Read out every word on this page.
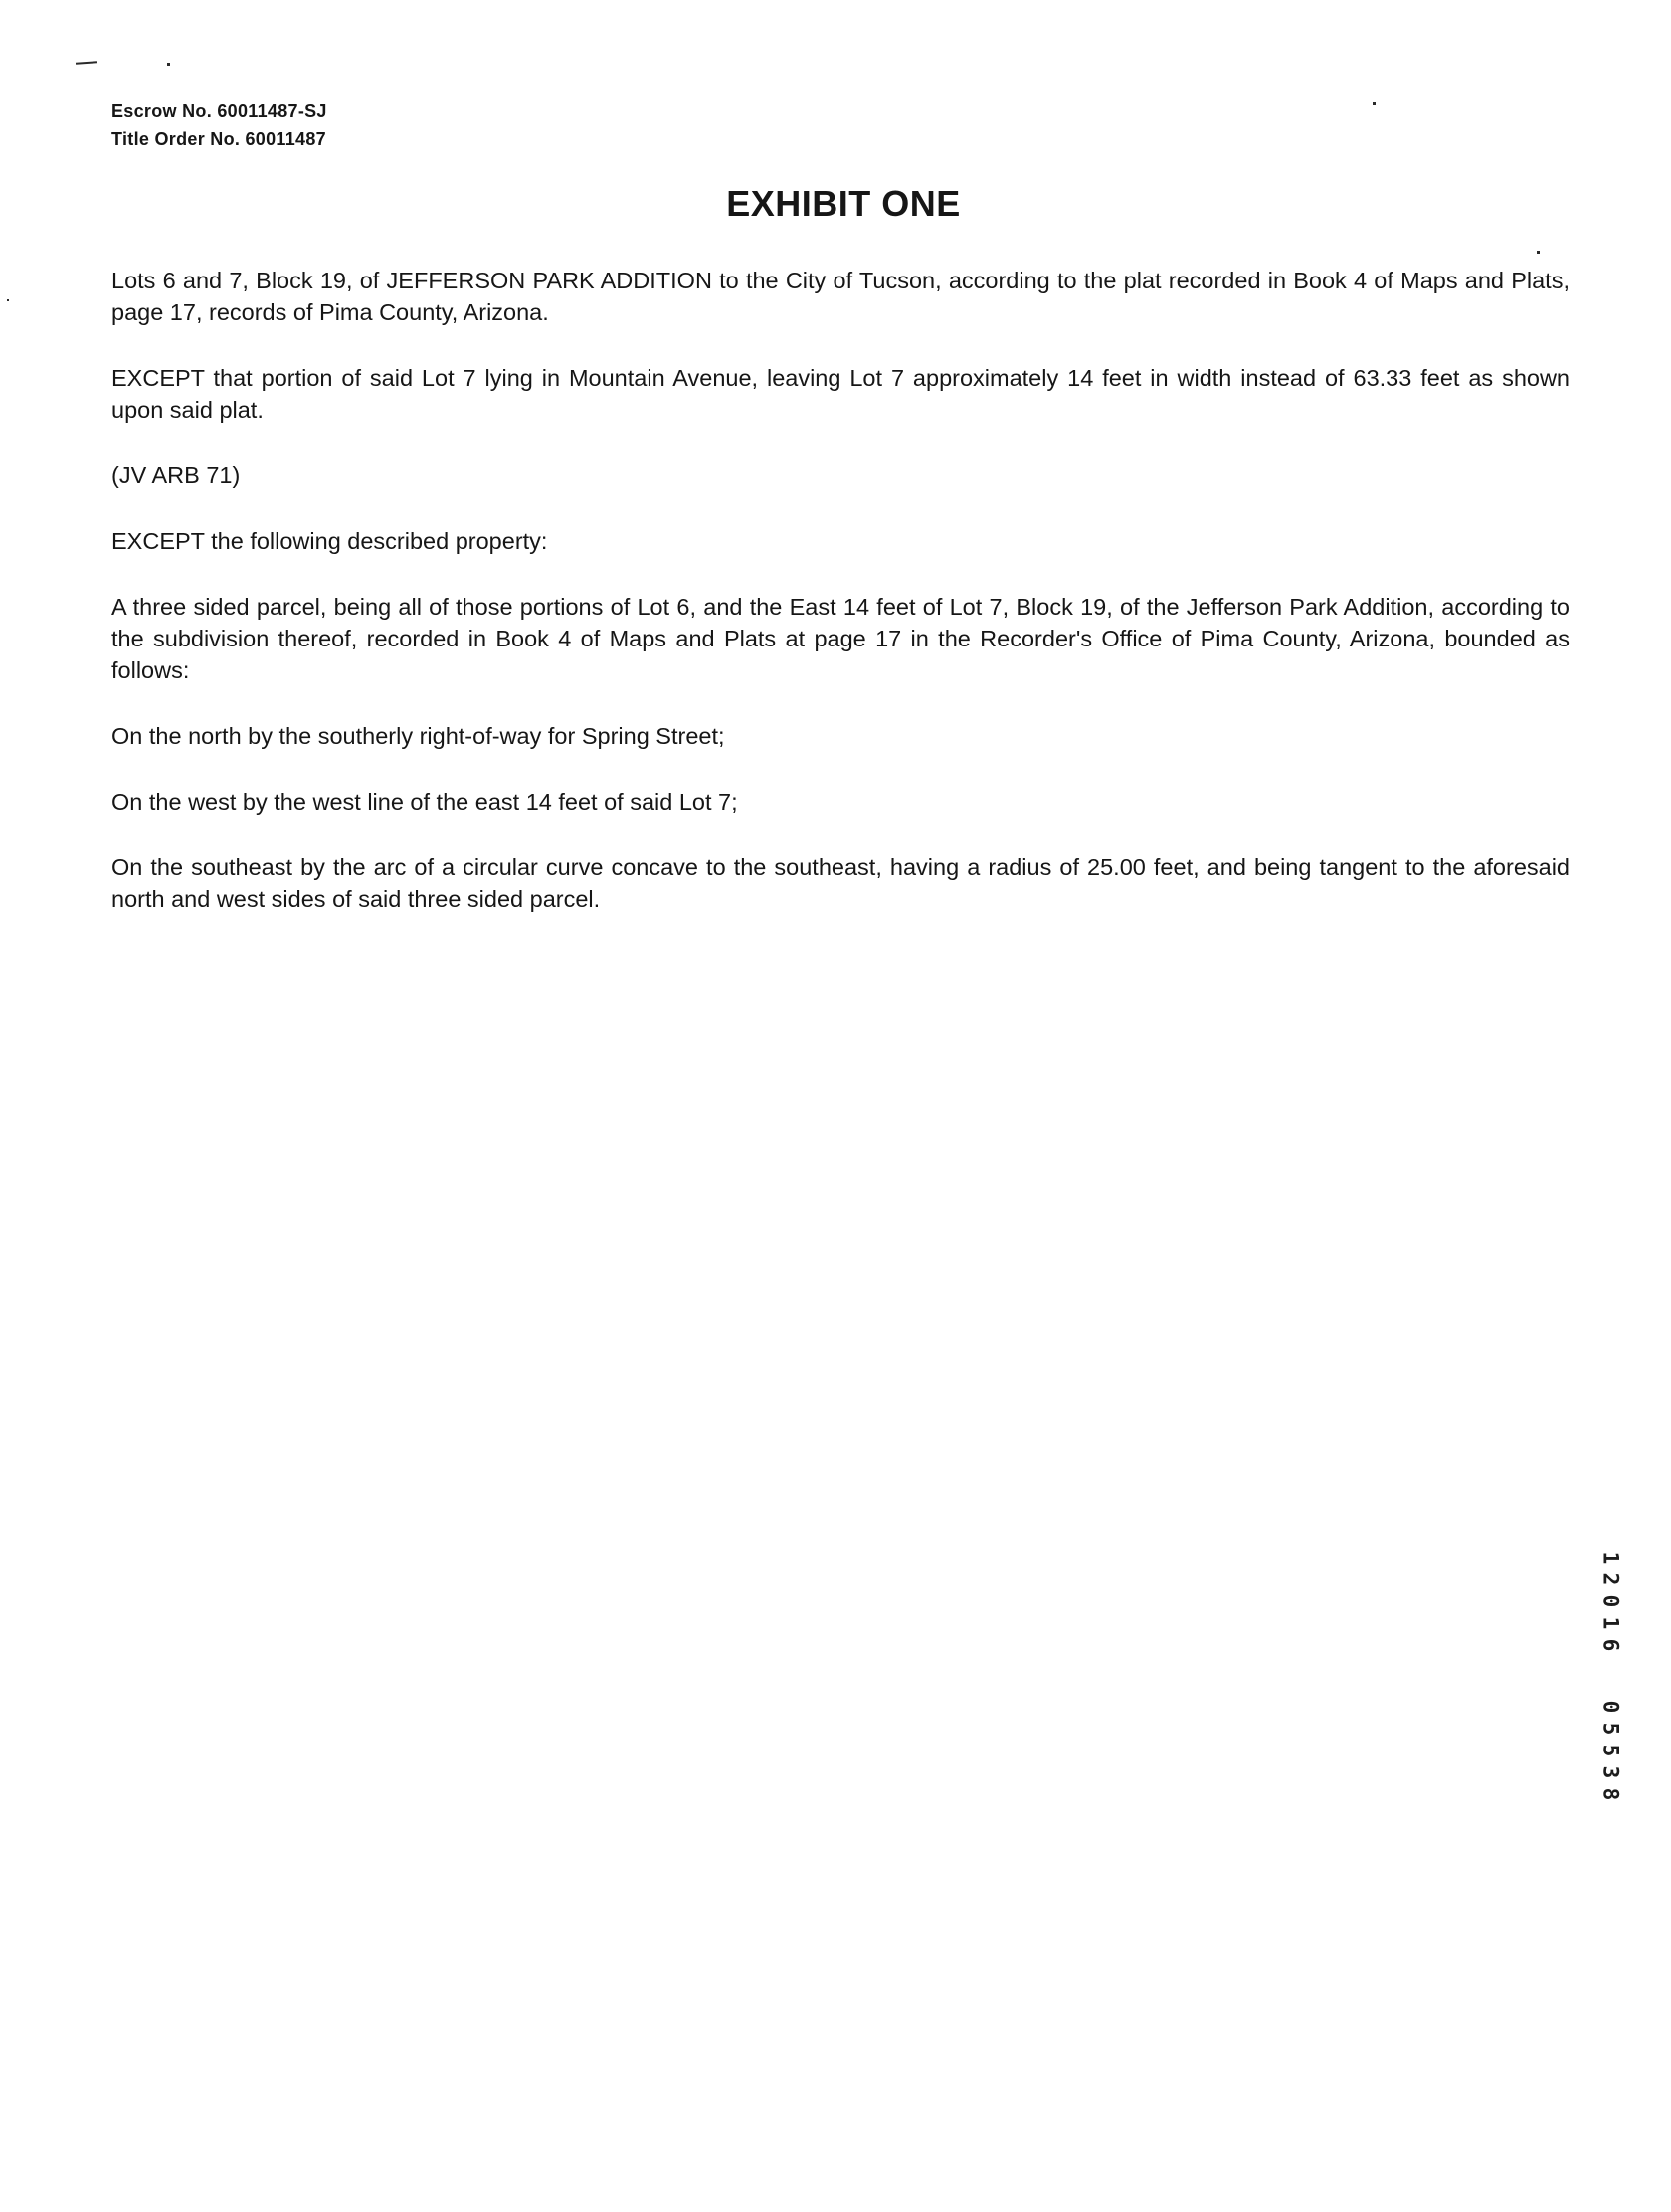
Escrow No. 60011487-SJ
Title Order No. 60011487
EXHIBIT ONE

Lots 6 and 7, Block 19, of JEFFERSON PARK ADDITION to the City of Tucson, according to the plat recorded in Book 4 of Maps and Plats, page 17, records of Pima County, Arizona.

EXCEPT that portion of said Lot 7 lying in Mountain Avenue, leaving Lot 7 approximately 14 feet in width instead of 63.33 feet as shown upon said plat.

(JV ARB 71)

EXCEPT the following described property:

A three sided parcel, being all of those portions of Lot 6, and the East 14 feet of Lot 7, Block 19, of the Jefferson Park Addition, according to the subdivision thereof, recorded in Book 4 of Maps and Plats at page 17 in the Recorder's Office of Pima County, Arizona, bounded as follows:

On the north by the southerly right-of-way for Spring Street;

On the west by the west line of the east 14 feet of said Lot 7;

On the southeast by the arc of a circular curve concave to the southeast, having a radius of 25.00 feet, and being tangent to the aforesaid north and west sides of said three sided parcel.

1
2
0
1
6
0
5
5
3
8
